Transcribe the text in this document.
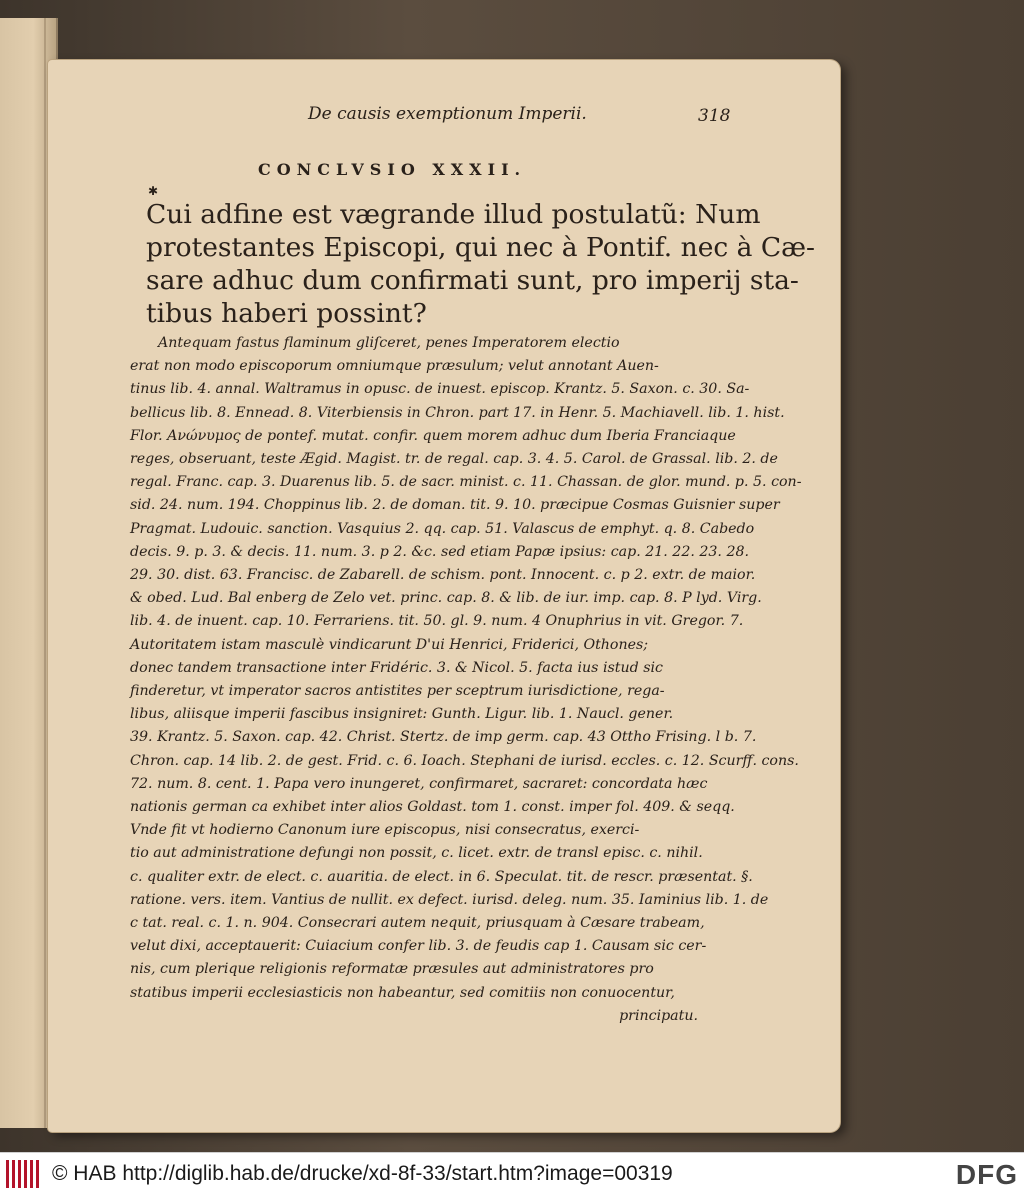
De causis exemptionum Imperii.	318
CONCLVSIO XXXII.
✱
Cui adfine est vægrande illud postulatũ: Num
protestantes Episcopi, qui nec à Pontif. nec à Cæ-
sare adhuc dum confirmati sunt, pro imperij sta-
tibus haberi possint?
Antequam fastus flaminum gliſceret, penes Imperatorem electio
erat non modo episcoporum omniumque præsulum; velut annotant Auen-
tinus lib. 4. annal. Waltramus in opusc. de inuest. episcop. Krantz. 5. Saxon. c. 30. Sa-
bellicus lib. 8. Ennead. 8. Viterbiensis in Chron. part 17. in Henr. 5. Machiavell. lib. 1. hist.
Flor. Ανώνυμος de pontef. mutat. confir. quem morem adhuc dum Iberia Franciaque
reges, obseruant, teste Ægid. Magist. tr. de regal. cap. 3. 4. 5. Carol. de Grassal. lib. 2. de
regal. Franc. cap. 3. Duarenus lib. 5. de sacr. minist. c. 11. Chassan. de glor. mund. p. 5. con-
sid. 24. num. 194. Choppinus lib. 2. de doman. tit. 9. 10. præcipue Cosmas Guisnier super
Pragmat. Ludouic. sanction. Vasquius 2. qq. cap. 51. Valascus de emphyt. q. 8. Cabedo
decis. 9. p. 3. & decis. 11. num. 3. p 2. &c. sed etiam Papæ ipsius: cap. 21. 22. 23. 28.
29. 30. dist. 63. Francisc. de Zabarell. de schism. pont. Innocent. c. p 2. extr. de maior.
& obed. Lud. Bal enberg de Zelo vet. princ. cap. 8. & lib. de iur. imp. cap. 8. P lyd. Virg.
lib. 4. de inuent. cap. 10. Ferrariens. tit. 50. gl. 9. num. 4 Onuphrius in vit. Gregor. 7.
Autoritatem istam masculè vindicarunt D'ui Henrici, Friderici, Othones;
donec tandem transactione inter Fridéric. 3. & Nicol. 5. facta ius istud sic
finderetur, vt imperator sacros antistites per sceptrum iurisdictione, rega-
libus, aliisque imperii fascibus insigniret: Gunth. Ligur. lib. 1. Naucl. gener.
39. Krantz. 5. Saxon. cap. 42. Christ. Stertz. de imp germ. cap. 43 Ottho Frising. l b. 7.
Chron. cap. 14 lib. 2. de gest. Frid. c. 6. Ioach. Stephani de iurisd. eccles. c. 12. Scurff. cons.
72. num. 8. cent. 1. Papa vero inungeret, confirmaret, sacraret: concordata hæc
nationis german ca exhibet inter alios Goldast. tom 1. const. imper fol. 409. & seqq.
Vnde fit vt hodierno Canonum iure episcopus, nisi consecratus, exerci-
tio aut administratione defungi non possit, c. licet. extr. de transl episc. c. nihil.
c. qualiter extr. de elect. c. auaritia. de elect. in 6. Speculat. tit. de rescr. præsentat. §.
ratione. vers. item. Vantius de nullit. ex defect. iurisd. deleg. num. 35. Iaminius lib. 1. de
c tat. real. c. 1. n. 904. Consecrari autem nequit, priusquam à Cæsare trabeam,
velut dixi, acceptauerit: Cuiacium confer lib. 3. de feudis cap 1. Causam sic cer-
nis, cum plerique religionis reformatæ præsules aut administratores pro
statibus imperii ecclesiasticis non habeantur, sed comitiis non conuocentur,
principatu.
© HAB http://diglib.hab.de/drucke/xd-8f-33/start.htm?image=00319	DFG
